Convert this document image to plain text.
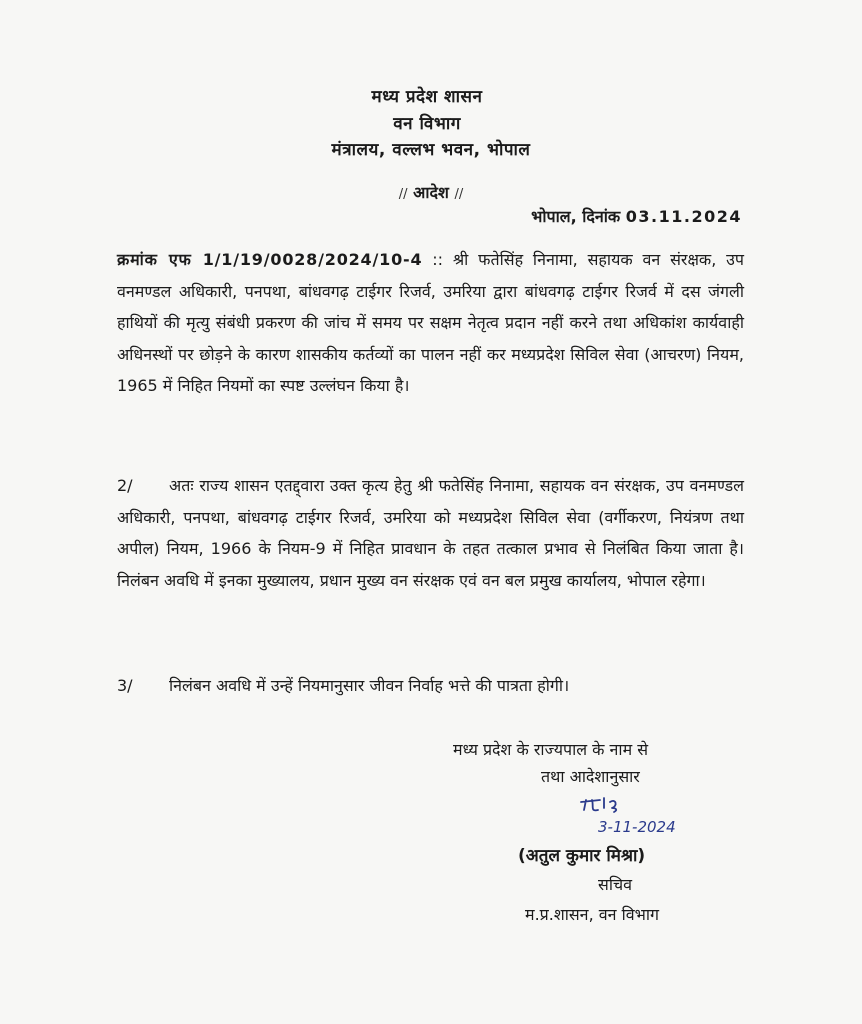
मध्य प्रदेश शासन
वन विभाग
मंत्रालय, वल्लभ भवन, भोपाल
// आदेश //
भोपाल, दिनांक 03.11.2024
क्रमांक एफ 1/1/19/0028/2024/10-4 :: श्री फतेसिंह निनामा, सहायक वन संरक्षक, उप वनमण्डल अधिकारी, पनपथा, बांधवगढ़ टाईगर रिजर्व, उमरिया द्वारा बांधवगढ़ टाईगर रिजर्व में दस जंगली हाथियों की मृत्यु संबंधी प्रकरण की जांच में समय पर सक्षम नेतृत्व प्रदान नहीं करने तथा अधिकांश कार्यवाही अधिनस्थों पर छोड़ने के कारण शासकीय कर्तव्यों का पालन नहीं कर मध्यप्रदेश सिविल सेवा (आचरण) नियम, 1965 में निहित नियमों का स्पष्ट उल्लंघन किया है।
2/ अतः राज्य शासन एतद्द्वारा उक्त कृत्य हेतु श्री फतेसिंह निनामा, सहायक वन संरक्षक, उप वनमण्डल अधिकारी, पनपथा, बांधवगढ़ टाईगर रिजर्व, उमरिया को मध्यप्रदेश सिविल सेवा (वर्गीकरण, नियंत्रण तथा अपील) नियम, 1966 के नियम-9 में निहित प्रावधान के तहत तत्काल प्रभाव से निलंबित किया जाता है। निलंबन अवधि में इनका मुख्यालय, प्रधान मुख्य वन संरक्षक एवं वन बल प्रमुख कार्यालय, भोपाल रहेगा।
3/ निलंबन अवधि में उन्हें नियमानुसार जीवन निर्वाह भत्ते की पात्रता होगी।
मध्य प्रदेश के राज्यपाल के नाम से
तथा आदेशानुसार
3-11-2024
(अतुल कुमार मिश्रा)
सचिव
म.प्र.शासन, वन विभाग
